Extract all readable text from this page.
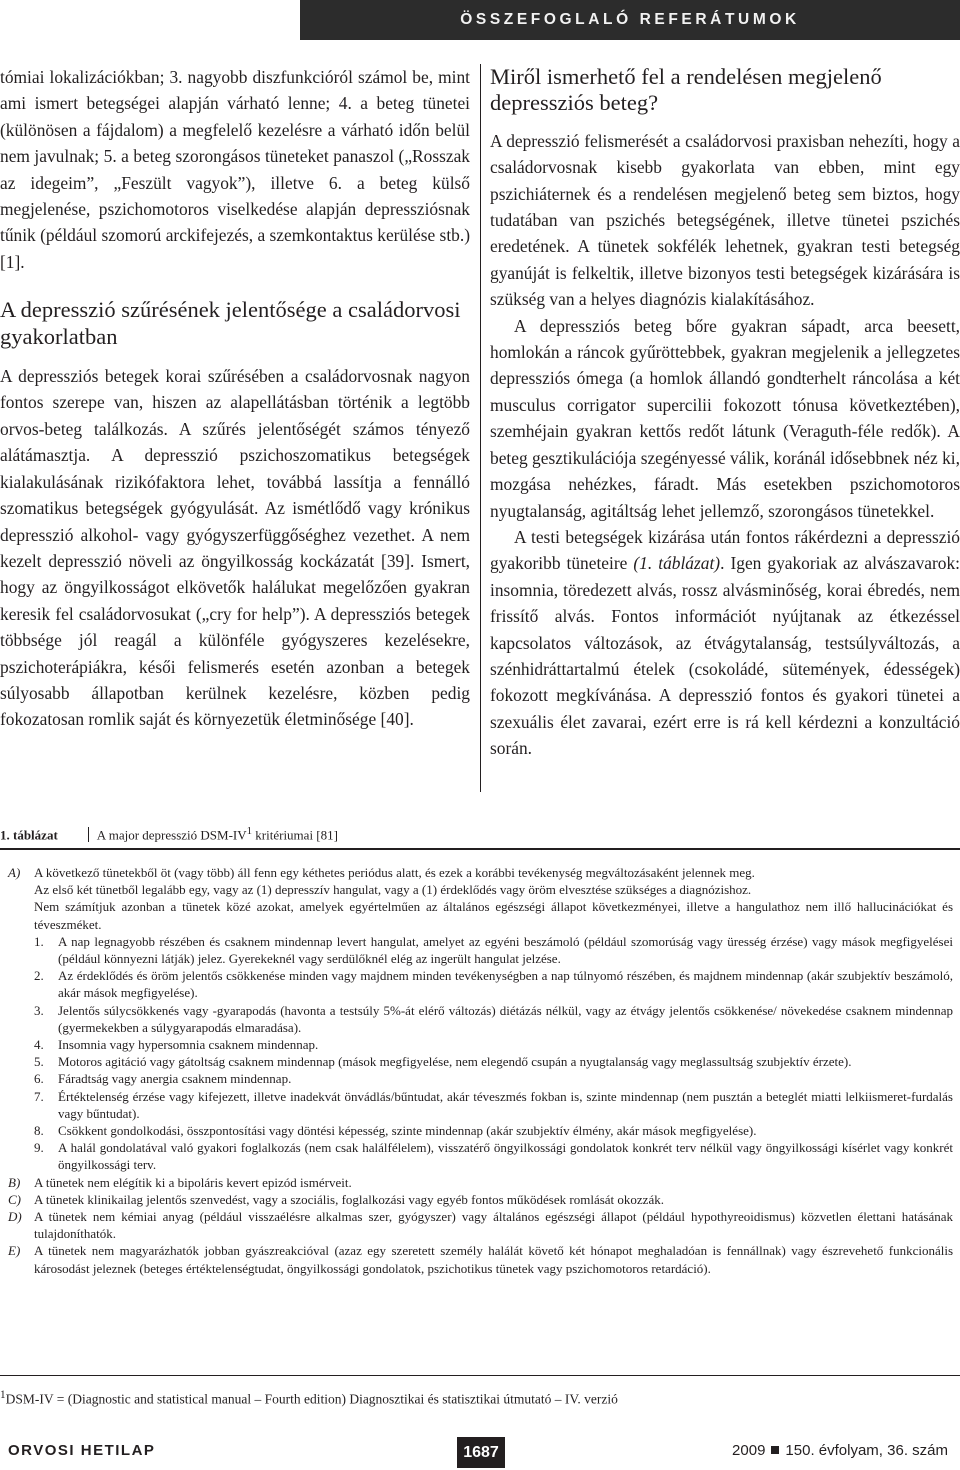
ÖSSZEFOGLALÓ REFERÁTUMOK

tómiai lokalizációkban; 3. nagyobb diszfunkcióról számol be, mint ami ismert betegségei alapján várható lenne; 4. a beteg tünetei (különösen a fájdalom) a megfelelő kezelésre a várható időn belül nem javulnak; 5. a beteg szorongásos tüneteket panaszol („Rosszak az idegeim”, „Feszült vagyok”), illetve 6. a beteg külső megjelenése, pszichomotoros viselkedése alapján depressziósnak tűnik (például szomorú arckifejezés, a szemkontaktus kerülése stb.) [1].

A depresszió szűrésének jelentősége a családorvosi gyakorlatban

A depressziós betegek korai szűrésében a családorvosnak nagyon fontos szerepe van, hiszen az alapellátásban történik a legtöbb orvos-beteg találkozás. A szűrés jelentőségét számos tényező alátámasztja. A depresszió pszichoszomatikus betegségek kialakulásának rizikófaktora lehet, továbbá lassítja a fennálló szomatikus betegségek gyógyulását. Az ismétlődő vagy krónikus depresszió alkohol- vagy gyógyszerfüggőséghez vezethet. A nem kezelt depresszió növeli az öngyilkosság kockázatát [39]. Ismert, hogy az öngyilkosságot elkövetők halálukat megelőzően gyakran keresik fel családorvosukat („cry for help”). A depressziós betegek többsége jól reagál a különféle gyógyszeres kezelésekre, pszichoterápiákra, késői felismerés esetén azonban a betegek súlyosabb állapotban kerülnek kezelésre, közben pedig fokozatosan romlik saját és környezetük életminősége [40].

Miről ismerhető fel a rendelésen megjelenő depressziós beteg?

A depresszió felismerését a családorvosi praxisban nehezíti, hogy a családorvosnak kisebb gyakorlata van ebben, mint egy pszichiáternek és a rendelésen megjelenő beteg sem biztos, hogy tudatában van pszichés betegségének, illetve tünetei pszichés eredetének. A tünetek sokfélék lehetnek, gyakran testi betegség gyanúját is felkeltik, illetve bizonyos testi betegségek kizárására is szükség van a helyes diagnózis kialakításához.

A depressziós beteg bőre gyakran sápadt, arca beesett, homlokán a ráncok gyűröttebbek, gyakran megjelenik a jellegzetes depressziós ómega (a homlok állandó gondterhelt ráncolása a két musculus corrigator supercilii fokozott tónusa következtében), szemhéjain gyakran kettős redőt látunk (Veraguth-féle redők). A beteg gesztikulációja szegényessé válik, koránál idősebbnek néz ki, mozgása nehézkes, fáradt. Más esetekben pszichomotoros nyugtalanság, agitáltság lehet jellemző, szorongásos tünetekkel.

A testi betegségek kizárása után fontos rákérdezni a depresszió gyakoribb tüneteire (1. táblázat). Igen gyakoriak az alvászavarok: insomnia, töredezett alvás, rossz alvásminőség, korai ébredés, nem frissítő alvás. Fontos információt nyújtanak az étkezéssel kapcsolatos változások, az étvágytalanság, testsúlyváltozás, a szénhidráttartalmú ételek (csokoládé, sütemények, édességek) fokozott megkívánása. A depresszió fontos és gyakori tünetei a szexuális élet zavarai, ezért erre is rá kell kérdezni a konzultáció során.

1. táblázat	A major depresszió DSM-$IV^1$ kritériumai [81]
A)	A következő tünetekből öt (vagy több) áll fenn egy kéthetes periódus alatt, és ezek a korábbi tevékenység megváltozásaként jelennek meg.
Az első két tünetből legalább egy, vagy az (1) depresszív hangulat, vagy a (1) érdeklődés vagy öröm elvesztése szükséges a diagnózishoz.
Nem számítjuk azonban a tünetek közé azokat, amelyek egyértelműen az általános egészségi állapot következményei, illetve a hangulathoz nem illő hallucinációkat és téveszméket.
1.	A nap legnagyobb részében és csaknem mindennap levert hangulat, amelyet az egyéni beszámoló (például szomorúság vagy üresség érzése) vagy mások megfigyelései (például könnyezni látják) jelez. Gyerekeknél vagy serdülőknél elég az ingerült hangulat jelzése.
2.	Az érdeklődés és öröm jelentős csökkenése minden vagy majdnem minden tevékenységben a nap túlnyomó részében, és majdnem mindennap (akár szubjektív beszámoló, akár mások megfigyelése).
3.	Jelentős súlycsökkenés vagy -gyarapodás (havonta a testsúly 5%-át elérő változás) diétázás nélkül, vagy az étvágy jelentős csökkenése/ növekedése csaknem mindennap (gyermekekben a súlygyarapodás elmaradása).
4.	Insomnia vagy hypersomnia csaknem mindennap.
5.	Motoros agitáció vagy gátoltság csaknem mindennap (mások megfigyelése, nem elegendő csupán a nyugtalanság vagy meglassultság szubjektív érzete).
6.	Fáradtság vagy anergia csaknem mindennap.
7.	Értéktelenség érzése vagy kifejezett, illetve inadekvát önvádlás/bűntudat, akár téveszmés fokban is, szinte mindennap (nem pusztán a beteglét miatti lelkiismeret-furdalás vagy bűntudat).
8.	Csökkent gondolkodási, összpontosítási vagy döntési képesség, szinte mindennap (akár szubjektív élmény, akár mások megfigyelése).
9.	A halál gondolatával való gyakori foglalkozás (nem csak halálfélelem), visszatérő öngyilkossági gondolatok konkrét terv nélkül vagy öngyilkossági kísérlet vagy konkrét öngyilkossági terv.
B)	A tünetek nem elégítik ki a bipoláris kevert epizód ismérveit.
C)	A tünetek klinikailag jelentős szenvedést, vagy a szociális, foglalkozási vagy egyéb fontos működések romlását okozzák.
D) A tünetek nem kémiai anyag (például visszaélésre alkalmas szer, gyógyszer) vagy általános egészségi állapot (például hypothyreoidismus) közvetlen élettani hatásának tulajdoníthatók.
E)	A tünetek nem magyarázhatók jobban gyászreakcióval (azaz egy szeretett személy halálát követő két hónapot meghaladóan is fennállnak) vagy észrevehető funkcionális károsodást jeleznek (beteges értéktelenségtudat, öngyilkossági gondolatok, pszichotikus tünetek vagy pszichomotoros retardáció).
$^1$DSM-IV = (Diagnostic and statistical manual – Fourth edition) Diagnosztikai és statisztikai útmutató – IV. verzió
ORVOSI HETILAP	1687	2009 150. évfolyam, 36. szám
